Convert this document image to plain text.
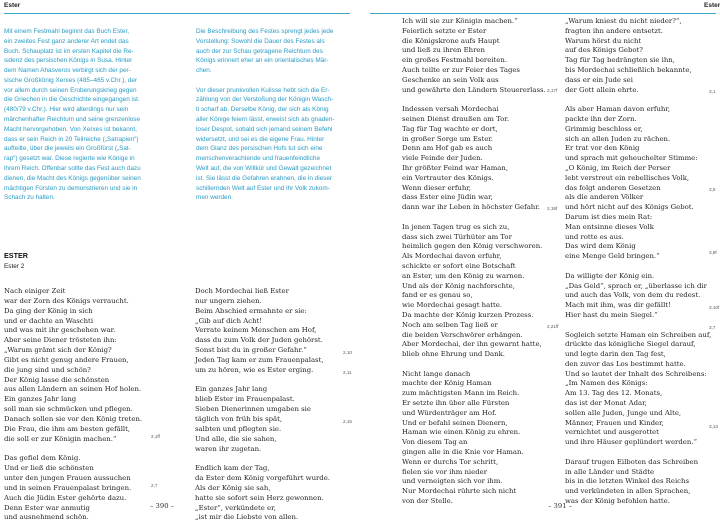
Ester
Mit einem Festmahl beginnt das Buch Ester,
ein zweites Fest ganz anderer Art endet das
Buch. Schauplatz ist im ersten Kapitel die Re-
sidenz des persischen Königs in Susa. Hinter
dem Namen Ahasveros verbirgt sich der per-
sische Großkönig Xerxes (485–465 v.Chr.), der
vor allem durch seinen Eroberungskrieg gegen
die Griechen in die Geschichte eingegangen ist.
(480/79 v.Chr.). Hier wird allerdings nur sein
märchenhafter Reichtum und seine grenzenlose
Macht hervorgehoben. Von Xerxes ist bekannt,
dass er sein Reich in 20 Teilreiche („Satrapien“)
aufteilte, über die jeweils ein Großfürst („Sat-
rap“) gesetzt war. Diese regierte wie Könige in
ihrem Reich. Offenbar sollte das Fest auch dazu
dienen, die Macht des Königs gegenüber seinen
mächtigen Fürsten zu demonstrieren und sie in
Schach zu halten.
Die Beschreibung des Festes sprengt jedes jede
Vorstellung: Sowohl die Dauer des Festes als
auch der zur Schau getragene Reichtum des
Königs erinnert eher an ein orientalisches Mär-
chen.

Vor dieser prunkvollen Kulisse hebt sich die Er-
zählung von der Verstoßung der Königin Wasch-
ti scharf ab. Derselbe König, der sich als König
aller Könige feiern lässt, erweist sich als gnaden-
loser Despot, sobald sich jemand seinem Befehl
widersetzt, und sei es die eigene Frau. Hinter
dem Glanz des persischen Hofs tut sich eine
menschenverachtende und frauenfeindliche
Welt auf, die von Willkür und Gewalt gezeichnet
ist. Sie lässt die Gefahren erahnen, die in dieser
schillernden Welt auf Ester und ihr Volk zukom-
men werden.
ESTER
Ester 2
Nach einiger Zeit
war der Zorn des Königs verraucht.
Da ging der König in sich
und er dachte an Waschti
und was mit ihr geschehen war.
Aber seine Diener trösteten ihn:
„Warum grämt sich der König?
Gibt es nicht genug andere Frauen,
die jung sind und schön?
Der König lasse die schönsten
aus allen Ländern an seinen Hof holen.
Ein ganzes Jahr lang
soll man sie schmücken und pflegen.
Danach sollen sie vor den König treten.
Die Frau, die ihm am besten gefällt,
die soll er zur Königin machen.“

Das gefiel dem König.
Und er ließ die schönsten
unter den jungen Frauen aussuchen
und in seinen Frauenpalast bringen.
Auch die Jüdin Ester gehörte dazu.
Denn Ester war anmutig
und ausnehmend schön.
Doch Mordechai ließ Ester
nur ungern ziehen.
Beim Abschied ermahnte er sie:
„Gib auf dich Acht!
Verrate keinem Menschen am Hof,
dass du zum Volk der Juden gehörst.
Sonst bist du in großer Gefahr.“
Jeden Tag kam er zum Frauenpalast,
um zu hören, wie es Ester erging.

Ein ganzes Jahr lang
blieb Ester im Frauenpalast.
Sieben Dienerinnen umgaben sie
täglich von früh bis spät,
salbten und pflegten sie.
Und alle, die sie sahen,
waren ihr zugetan.

Endlich kam der Tag,
da Ester dem König vorgeführt wurde.
Als der König sie sah,
hatte sie sofort sein Herz gewonnen.
„Ester“, verkündete er,
„ist mir die Liebste von allen.
2,1ff
2,7
2,10
2,11
2,15
– 390 –
Ester
Ich will sie zur Königin machen.“
Feierlich setzte er Ester
die Königskrone aufs Haupt
und ließ zu ihren Ehren
ein großes Festmahl bereiten.
Auch teilte er zur Feier des Tages
Geschenke an sein Volk aus
und gewährte den Ländern Steuererlass.

Indessen versah Mordechai
seinen Dienst draußen am Tor.
Tag für Tag wachte er dort,
in großer Sorge um Ester.
Denn am Hof gab es auch
viele Feinde der Juden.
Ihr größter Feind war Haman,
ein Vertrauter des Königs.
Wenn dieser erfuhr,
dass Ester eine Jüdin war,
dann war ihr Leben in höchster Gefahr.

In jenen Tagen trug es sich zu,
dass sich zwei Türhüter am Tor
heimlich gegen den König verschworen.
Als Mordechai davon erfuhr,
schickte er sofort eine Botschaft
an Ester, um den König zu warnen.
Und als der König nachforschte,
fand er es genau so,
wie Mordechai gesagt hatte.
Da machte der König kurzen Prozess.
Noch am selben Tag ließ er
die beiden Verschwörer erhängen.
Aber Mordechai, der ihn gewarnt hatte,
blieb ohne Ehrung und Dank.

Nicht lange danach
machte der König Haman
zum mächtigsten Mann im Reich.
Er setzte ihn über alle Fürsten
und Würdenträger am Hof.
Und er befahl seinen Dienern,
Haman wie einen König zu ehren.
Von diesem Tag an
gingen alle in die Knie vor Haman.
Wenn er durchs Tor schritt,
fielen sie vor ihm nieder
und verneigten sich vor ihm.
Nur Mordechai rührte sich nicht
von der Stelle.
„Warum kniest du nicht nieder?“,
fragten ihn andere entsetzt.
Warum hörst du nicht
auf des Königs Gebot?
Tag für Tag bedrängten sie ihn,
bis Mordechai schließlich bekannte,
dass er ein Jude sei
der Gott allein ehrte.

Als aber Haman davon erfuhr,
packte ihn der Zorn.
Grimmig beschloss er,
sich an allen Juden zu rächen.
Er trat vor den König
und sprach mit geheuchelter Stimme:
„O König, im Reich der Perser
lebt verstreut ein rebellisches Volk,
das folgt anderen Gesetzen
als die anderen Völker
und hört nicht auf des Königs Gebot.
Darum ist dies mein Rat:
Man entsinne dieses Volk
und rotte es aus.
Das wird dem König
eine Menge Geld bringen.“

Da willigte der König ein.
„Das Geld“, sprach er, „überlasse ich dir
und auch das Volk, von dem du redest.
Mach mit ihm, was dir gefällt!
Hier hast du mein Siegel.“

Sogleich setzte Haman ein Schreiben auf,
drückte das königliche Siegel darauf,
und legte darin den Tag fest,
den zuvor das Los bestimmt hatte.
Und so lautet der Inhalt des Schreibens:
„Im Namen des Königs:
Am 13. Tag des 12. Monats,
das ist der Monat Adar,
sollen alle Juden, Junge und Alte,
Männer, Frauen und Kinder,
vernichtet und ausgerottet
und ihre Häuser geplündert werden.“

Darauf trugen Eilboten das Schreiben
in alle Länder und Städte
bis in die letzten Winkel des Reichs
und verkündeten in allen Sprachen,
was der König befohlen hatte.
2,17f
2,19f
2,21ff
3,1
3,5
3,8f
3,10f
3,7
3,13
– 391 –
